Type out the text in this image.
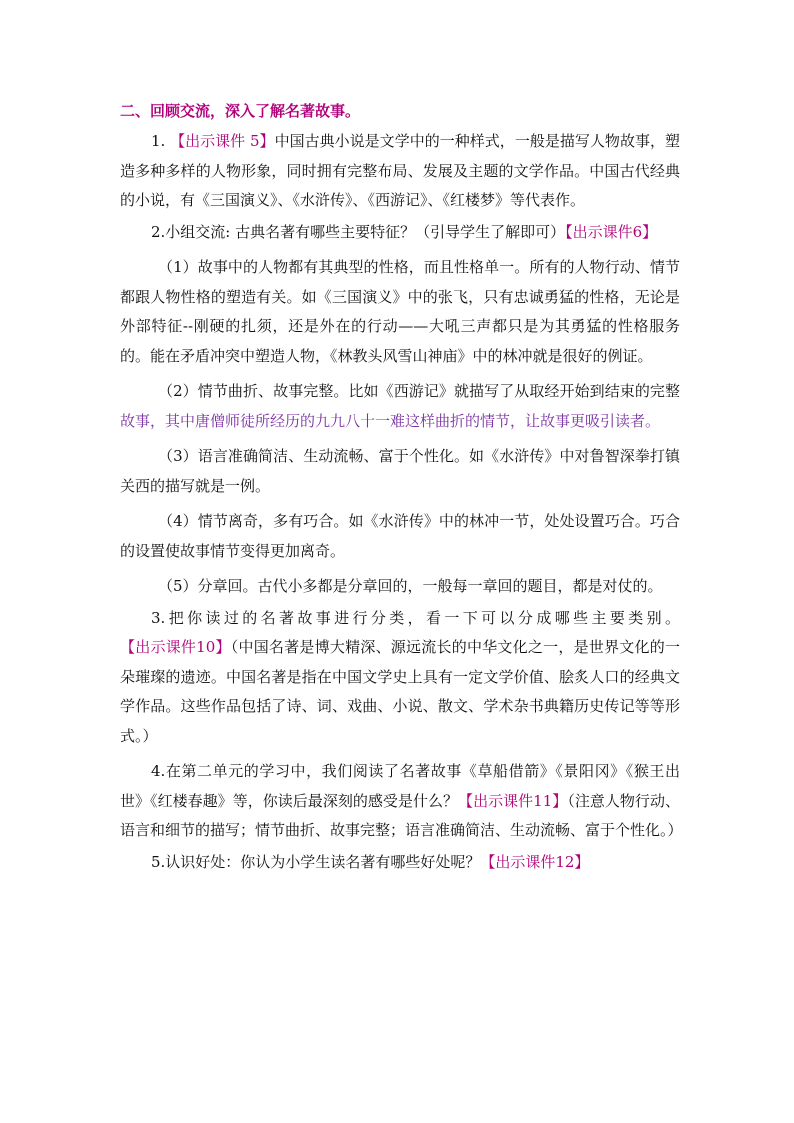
二、回顾交流，深入了解名著故事。

1. 【出示课件 5】中国古典小说是文学中的一种样式，一般是描写人物故事，塑造多种多样的人物形象，同时拥有完整布局、发展及主题的文学作品。中国古代经典的小说，有《三国演义》、《水浒传》、《西游记》、《红楼梦》等代表作。

2.小组交流: 古典名著有哪些主要特征？（引导学生了解即可）【出示课件6】

（1）故事中的人物都有其典型的性格，而且性格单一。所有的人物行动、情节都跟人物性格的塑造有关。如《三国演义》中的张飞，只有忠诚勇猛的性格，无论是外部特征--刚硬的扎须，还是外在的行动——大吼三声都只是为其勇猛的性格服务的。能在矛盾冲突中塑造人物，《林教头风雪山神庙》中的林冲就是很好的例证。

（2）情节曲折、故事完整。比如《西游记》就描写了从取经开始到结束的完整故事，其中唐僧师徒所经历的九九八十一难这样曲折的情节，让故事更吸引读者。

（3）语言准确简洁、生动流畅、富于个性化。如《水浒传》中对鲁智深拳打镇关西的描写就是一例。

（4）情节离奇，多有巧合。如《水浒传》中的林冲一节，处处设置巧合。巧合的设置使故事情节变得更加离奇。

（5）分章回。古代小多都是分章回的，一般每一章回的题目，都是对仗的。

3.把你读过的名著故事进行分类，看一下可以分成哪些主要类别。【出示课件10】（中国名著是博大精深、源远流长的中华文化之一，是世界文化的一朵璀璨的遗迹。中国名著是指在中国文学史上具有一定文学价值、脍炙人口的经典文学作品。这些作品包括了诗、词、戏曲、小说、散文、学术杂书典籍历史传记等等形式。）

4.在第二单元的学习中，我们阅读了名著故事《草船借箭》《景阳冈》《猴王出世》《红楼春趣》等，你读后最深刻的感受是什么？【出示课件11】（注意人物行动、语言和细节的描写；情节曲折、故事完整；语言准确简洁、生动流畅、富于个性化。）

5.认识好处：你认为小学生读名著有哪些好处呢？【出示课件12】
